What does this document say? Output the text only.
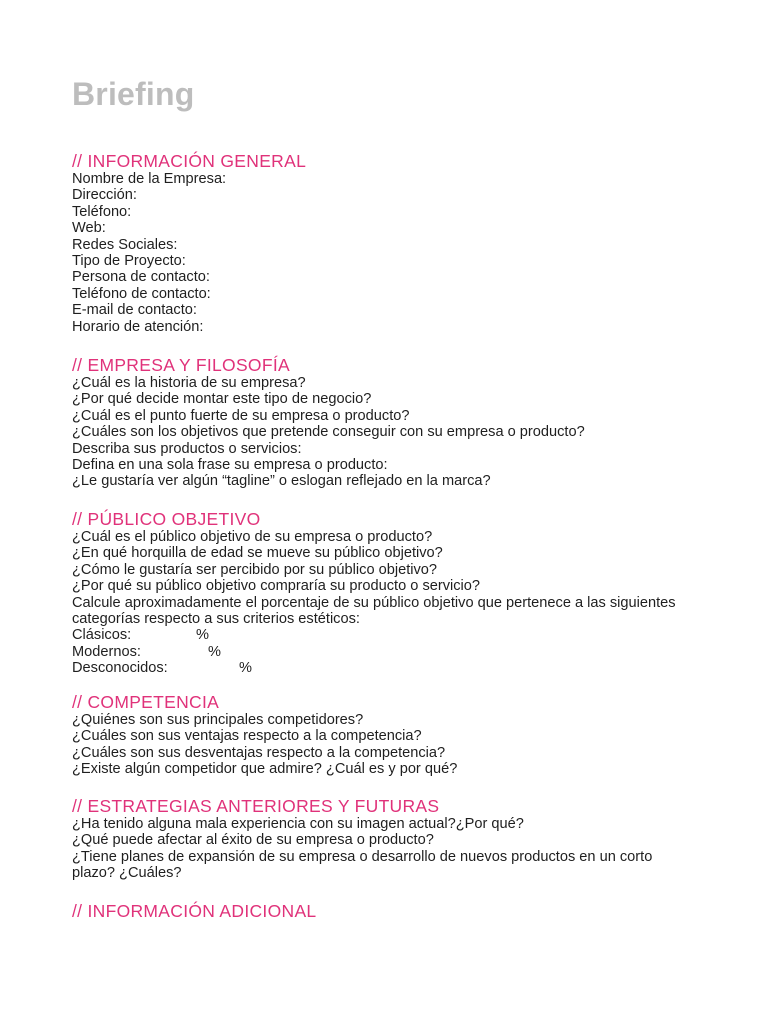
Briefing
// INFORMACIÓN GENERAL
Nombre de la Empresa:
Dirección:
Teléfono:
Web:
Redes Sociales:
Tipo de Proyecto:
Persona de contacto:
Teléfono de contacto:
E-mail de contacto:
Horario de atención:
// EMPRESA Y FILOSOFÍA
¿Cuál es la historia de su empresa?
¿Por qué decide montar este tipo de negocio?
¿Cuál es el punto fuerte de su empresa o producto?
¿Cuáles son los objetivos que pretende conseguir con su empresa o producto?
Describa sus productos o servicios:
Defina en una sola frase su empresa o producto:
¿Le gustaría ver algún “tagline” o eslogan reflejado en la marca?
// PÚBLICO OBJETIVO
¿Cuál es el público objetivo de su empresa o producto?
¿En qué horquilla de edad se mueve su público objetivo?
¿Cómo le gustaría ser percibido por su público objetivo?
¿Por qué su público objetivo compraría su producto o servicio?
Calcule aproximadamente el porcentaje de su público objetivo que pertenece a las siguientes categorías respecto a sus criterios estéticos:
Clásicos:	%
Modernos:	%
Desconocidos:	%
// COMPETENCIA
¿Quiénes son sus principales competidores?
¿Cuáles son sus ventajas respecto a la competencia?
¿Cuáles son sus desventajas respecto a la competencia?
¿Existe algún competidor que admire? ¿Cuál es y por qué?
// ESTRATEGIAS ANTERIORES Y FUTURAS
¿Ha tenido alguna mala experiencia con su imagen actual?¿Por qué?
¿Qué puede afectar al éxito de su empresa o producto?
¿Tiene planes de expansión de su empresa o desarrollo de nuevos productos en un corto plazo? ¿Cuáles?
// INFORMACIÓN ADICIONAL
